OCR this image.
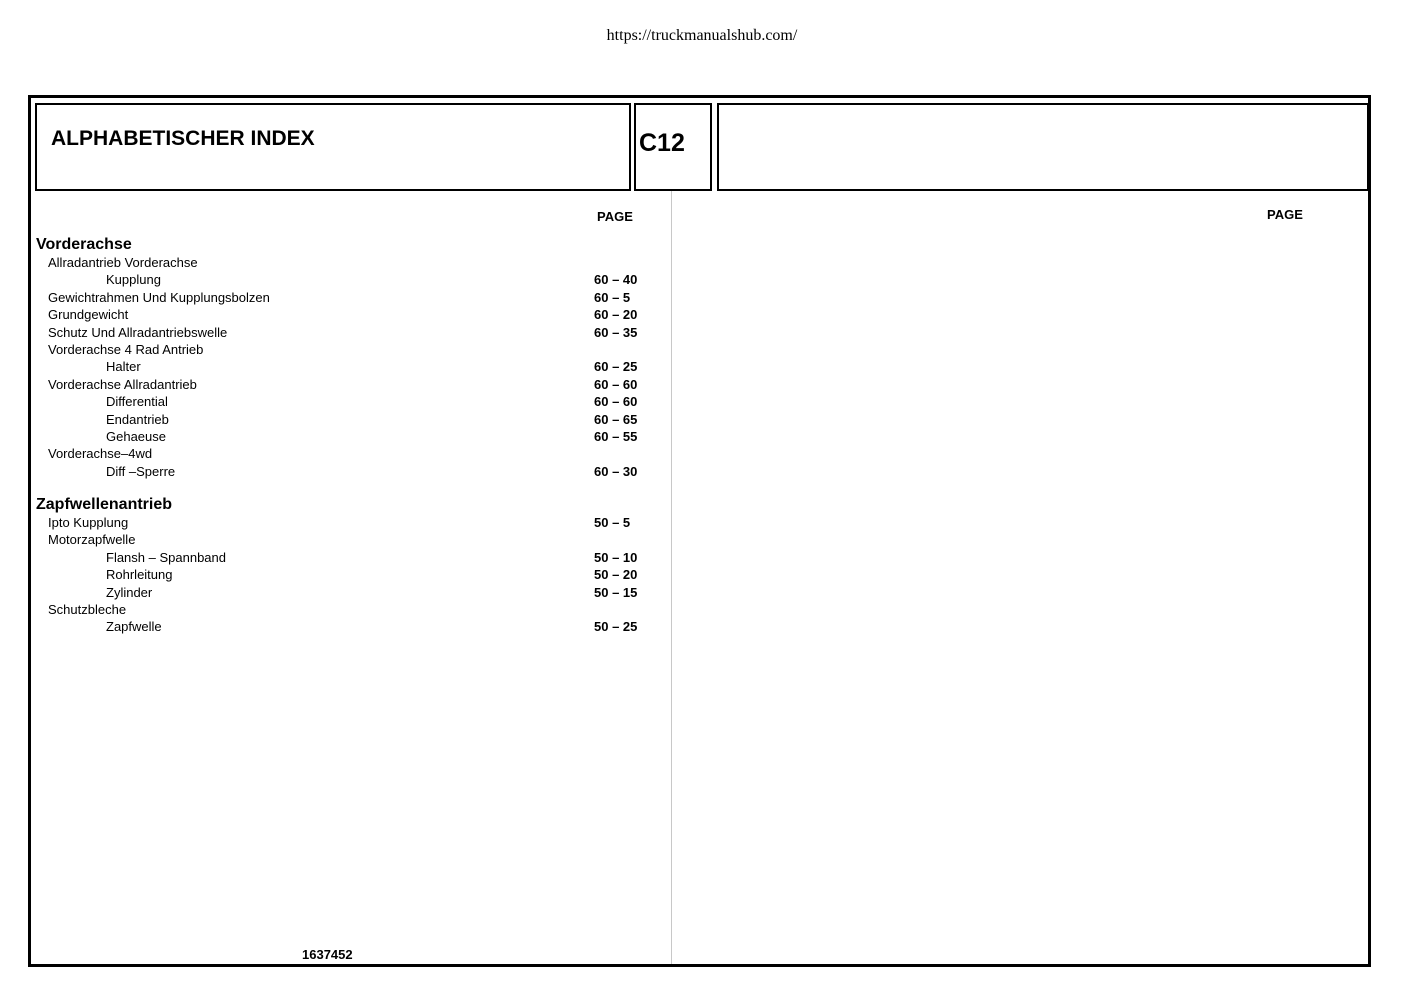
https://truckmanualshub.com/
ALPHABETISCHER INDEX	C12
PAGE	PAGE
Vorderachse
Allradantrieb Vorderachse
Kupplung	60 – 40
Gewichtrahmen Und Kupplungsbolzen	60 – 5
Grundgewicht	60 – 20
Schutz Und Allradantriebswelle	60 – 35
Vorderachse 4 Rad Antrieb
Halter	60 – 25
Vorderachse Allradantrieb	60 – 60
Differential	60 – 60
Endantrieb	60 – 65
Gehaeuse	60 – 55
Vorderachse–4wd
Diff –Sperre	60 – 30
Zapfwellenantrieb
Ipto Kupplung	50 – 5
Motorzapfwelle
Flansh – Spannband	50 – 10
Rohrleitung	50 – 20
Zylinder	50 – 15
Schutzbleche
Zapfwelle	50 – 25
1637452
